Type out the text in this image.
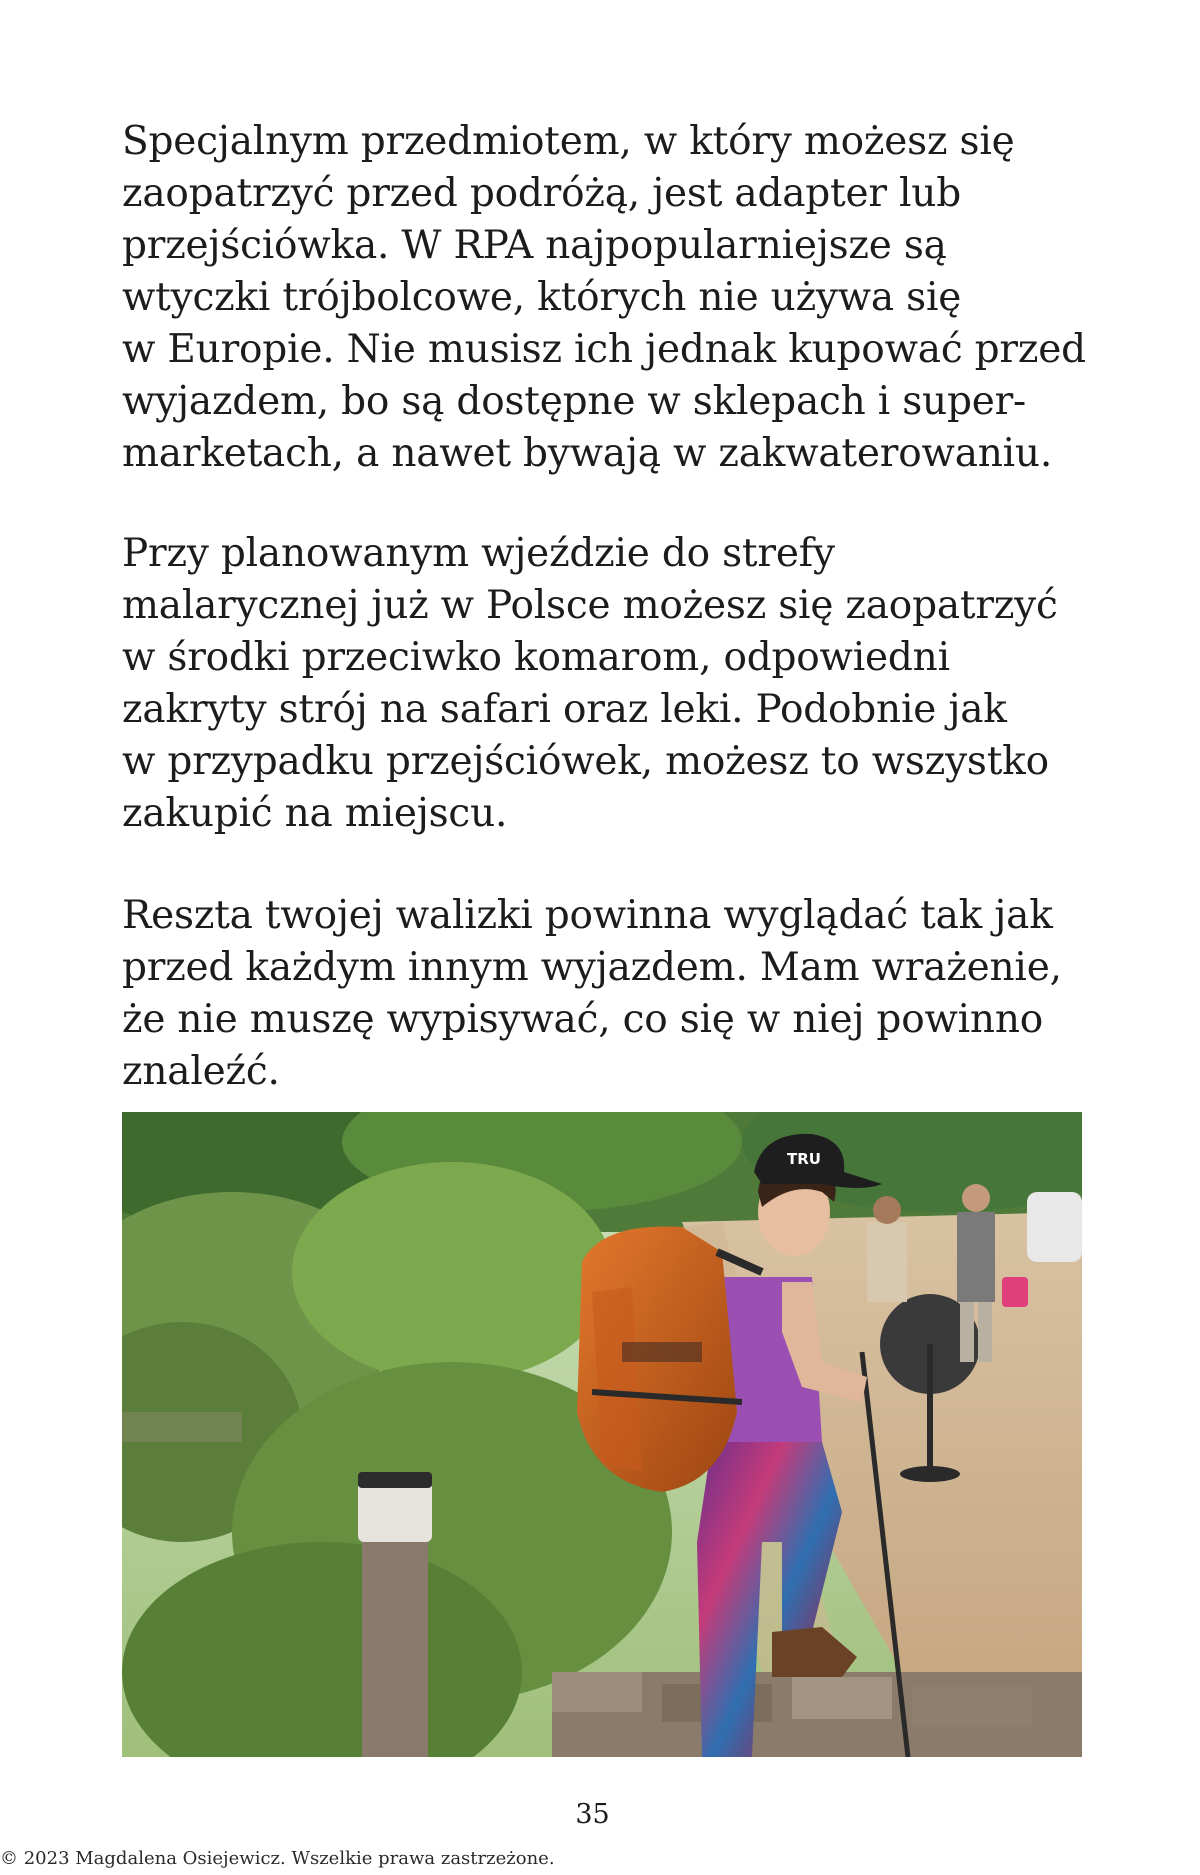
Specjalnym przedmiotem, w który możesz się
zaopatrzyć przed podróżą, jest adapter lub
przejściówka. W RPA najpopularniejsze są
wtyczki trójbolcowe, których nie używa się
w Europie. Nie musisz ich jednak kupować przed
wyjazdem, bo są dostępne w sklepach i super-
marketach, a nawet bywają w zakwaterowaniu.

Przy planowanym wjeździe do strefy
malarycznej już w Polsce możesz się zaopatrzyć
w środki przeciwko komarom, odpowiedni
zakryty strój na safari oraz leki. Podobnie jak
w przypadku przejściówek, możesz to wszystko
zakupić na miejscu.

Reszta twojej walizki powinna wyglądać tak jak
przed każdym innym wyjazdem. Mam wrażenie,
że nie muszę wypisywać, co się w niej powinno
znaleźć.

TRU
35
© 2023 Magdalena Osiejewicz. Wszelkie prawa zastrzeżone.
